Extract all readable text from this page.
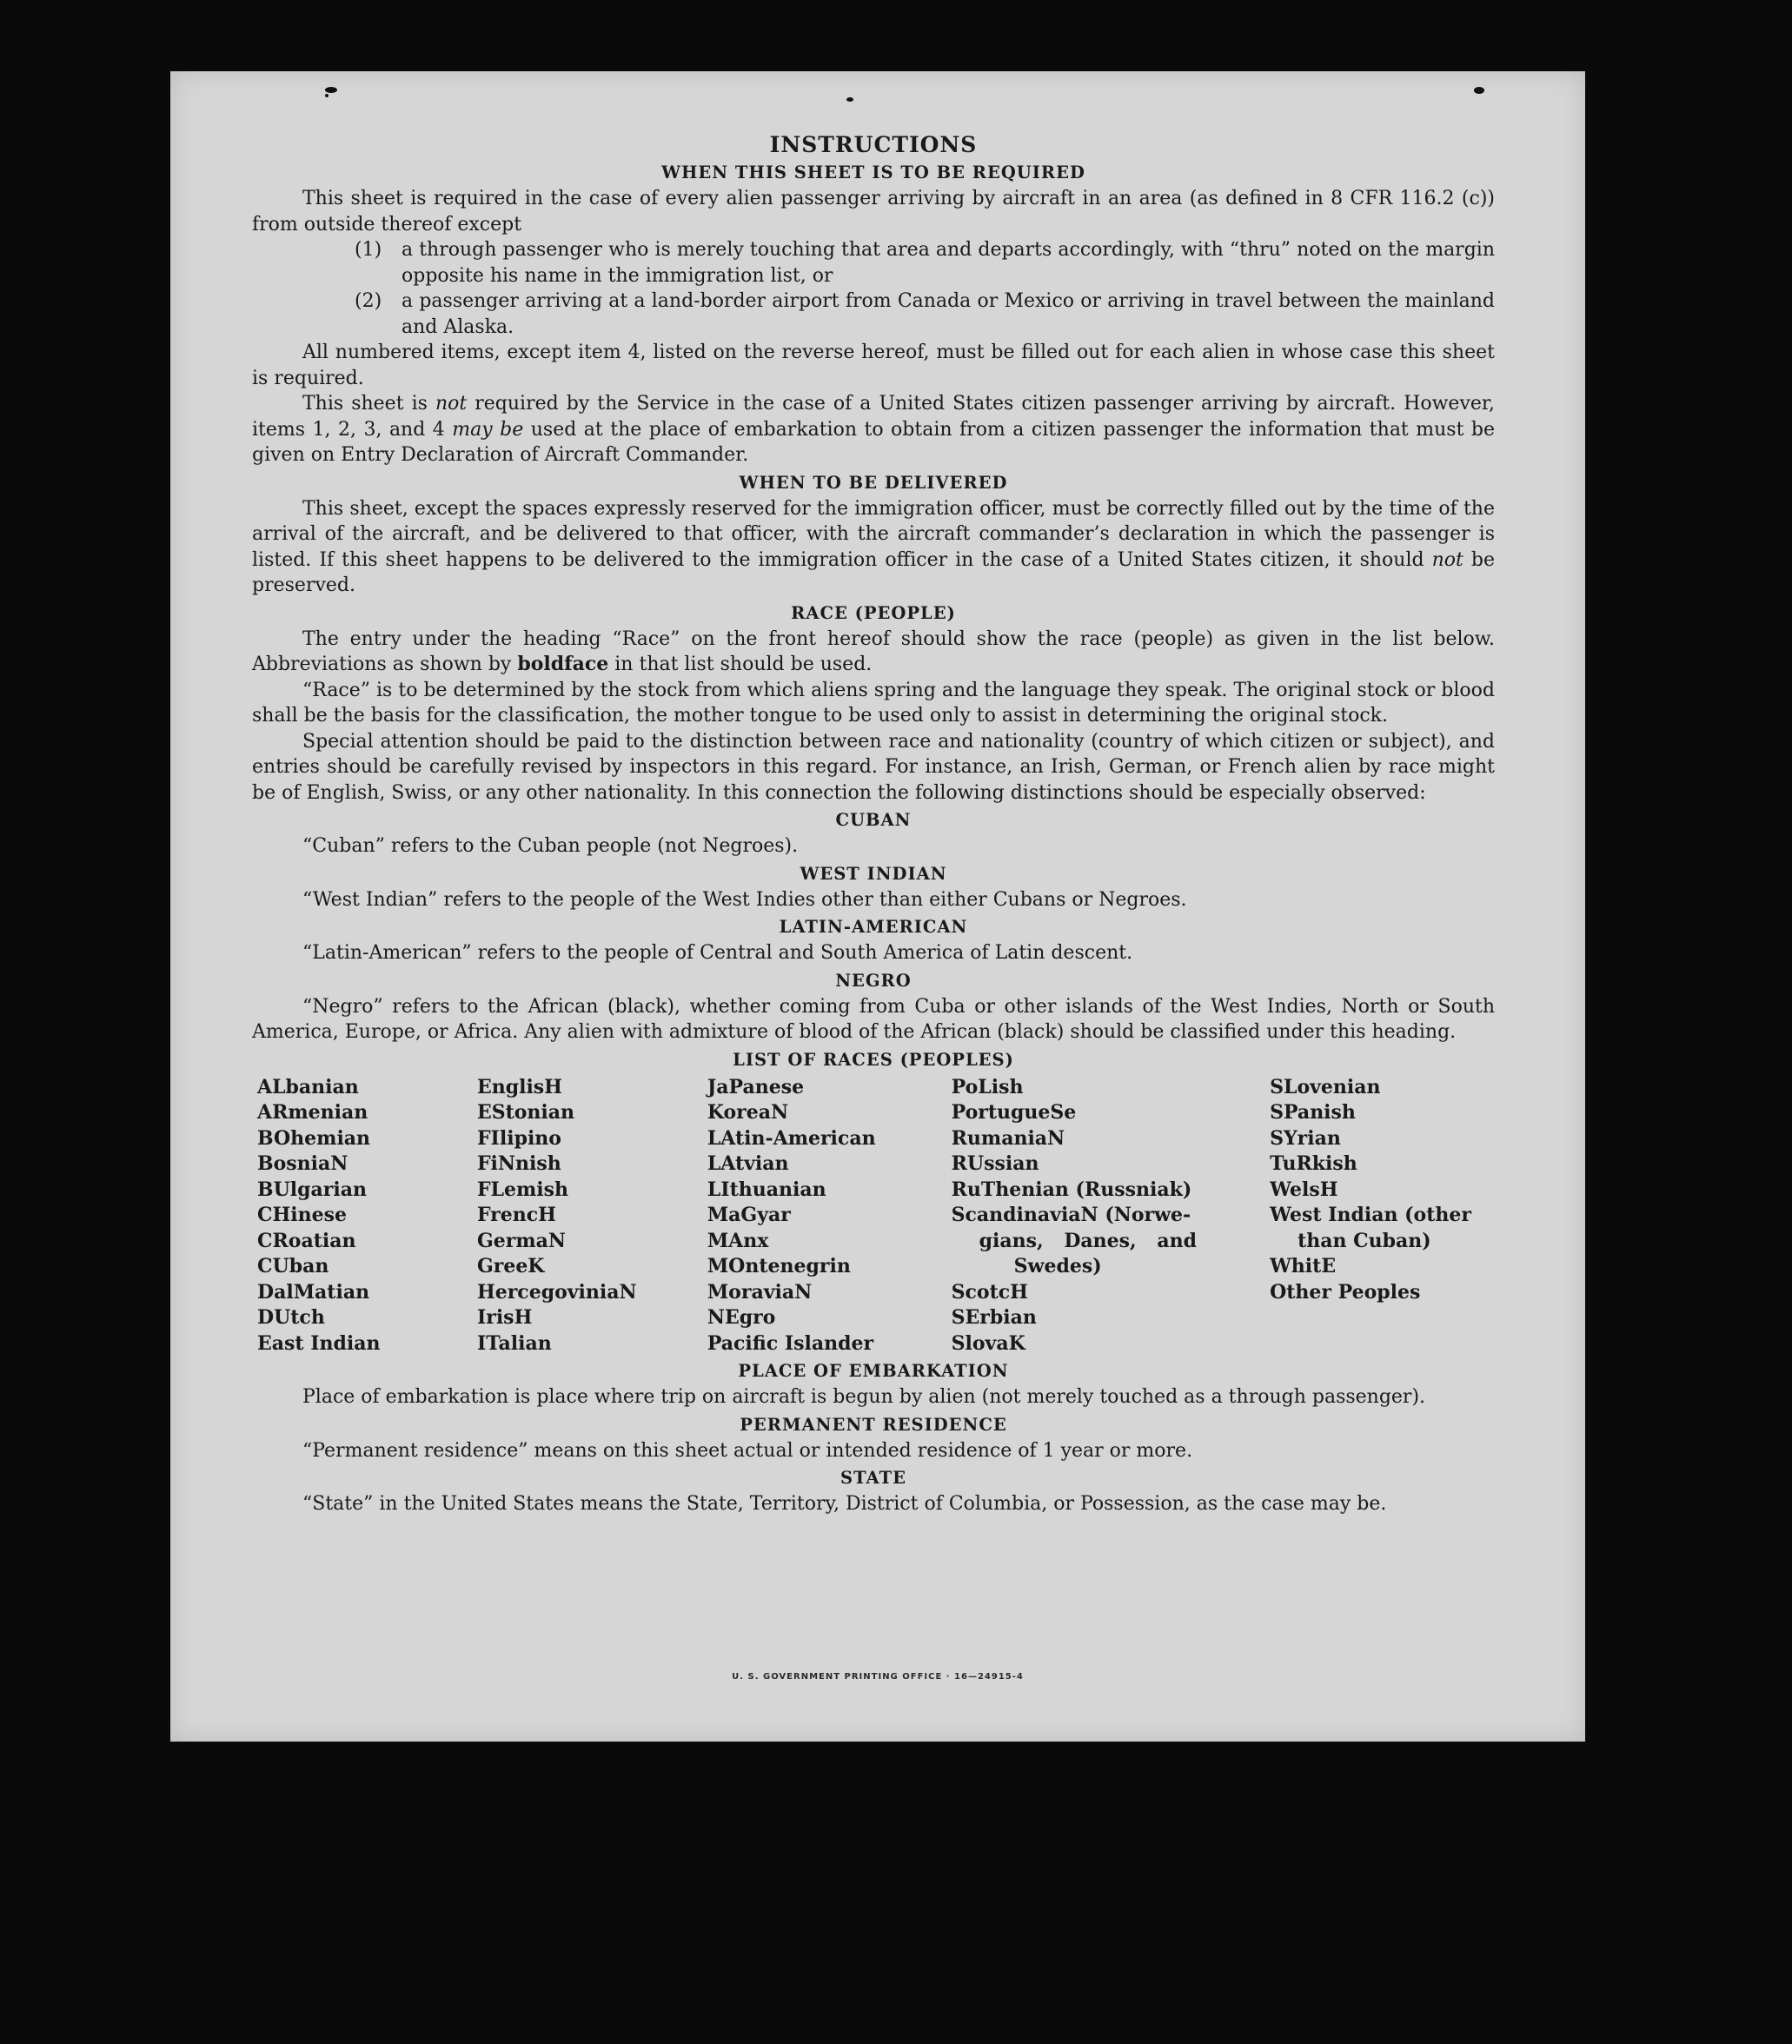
INSTRUCTIONS
WHEN THIS SHEET IS TO BE REQUIRED

This sheet is required in the case of every alien passenger arriving by aircraft in an area (as defined in 8 CFR 116.2 (c)) from outside thereof except

(1)	a through passenger who is merely touching that area and departs accordingly, with “thru” noted on the margin opposite his name in the immigration list, or
(2)	a passenger arriving at a land-border airport from Canada or Mexico or arriving in travel between the mainland and Alaska.

All numbered items, except item 4, listed on the reverse hereof, must be filled out for each alien in whose case this sheet is required.

This sheet is not required by the Service in the case of a United States citizen passenger arriving by aircraft. However, items 1, 2, 3, and 4 may be used at the place of embarkation to obtain from a citizen passenger the information that must be given on Entry Declaration of Aircraft Commander.

WHEN TO BE DELIVERED

This sheet, except the spaces expressly reserved for the immigration officer, must be correctly filled out by the time of the arrival of the aircraft, and be delivered to that officer, with the aircraft commander’s declaration in which the passenger is listed. If this sheet happens to be delivered to the immigration officer in the case of a United States citizen, it should not be preserved.

RACE (PEOPLE)

The entry under the heading “Race” on the front hereof should show the race (people) as given in the list below. Abbreviations as shown by boldface in that list should be used.

“Race” is to be determined by the stock from which aliens spring and the language they speak. The original stock or blood shall be the basis for the classification, the mother tongue to be used only to assist in determining the original stock.

Special attention should be paid to the distinction between race and nationality (country of which citizen or subject), and entries should be carefully revised by inspectors in this regard. For instance, an Irish, German, or French alien by race might be of English, Swiss, or any other nationality. In this connection the following distinctions should be especially observed:

CUBAN

“Cuban” refers to the Cuban people (not Negroes).

WEST INDIAN

“West Indian” refers to the people of the West Indies other than either Cubans or Negroes.

LATIN-AMERICAN

“Latin-American” refers to the people of Central and South America of Latin descent.

NEGRO

“Negro” refers to the African (black), whether coming from Cuba or other islands of the West Indies, North or South America, Europe, or Africa. Any alien with admixture of blood of the African (black) should be classified under this heading.

LIST OF RACES (PEOPLES)
ALbanian
ARmenian
BOhemian
BosniaN
BUlgarian
CHinese
CRoatian
CUban
DalMatian
DUtch
East Indian
EnglisH
EStonian
FIlipino
FiNnish
FLemish
FrencH
GermaN
GreeK
HercegoviniaN
IrisH
ITalian
JaPanese
KoreaN
LAtin-American
LAtvian
LIthuanian
MaGyar
MAnx
MOntenegrin
MoraviaN
NEgro
Pacific Islander
PoLish
PortugueSe
RumaniaN
RUssian
RuThenian (Russniak)
ScandinaviaN (Norwe-
gians, Danes, and
Swedes)
ScotcH
SErbian
SlovaK
SLovenian
SPanish
SYrian
TuRkish
WelsH
West Indian (other
than Cuban)
WhitE
Other Peoples
PLACE OF EMBARKATION

Place of embarkation is place where trip on aircraft is begun by alien (not merely touched as a through passenger).

PERMANENT RESIDENCE

“Permanent residence” means on this sheet actual or intended residence of 1 year or more.

STATE

“State” in the United States means the State, Territory, District of Columbia, or Possession, as the case may be.

U. S. GOVERNMENT PRINTING OFFICE · 16—24915-4
